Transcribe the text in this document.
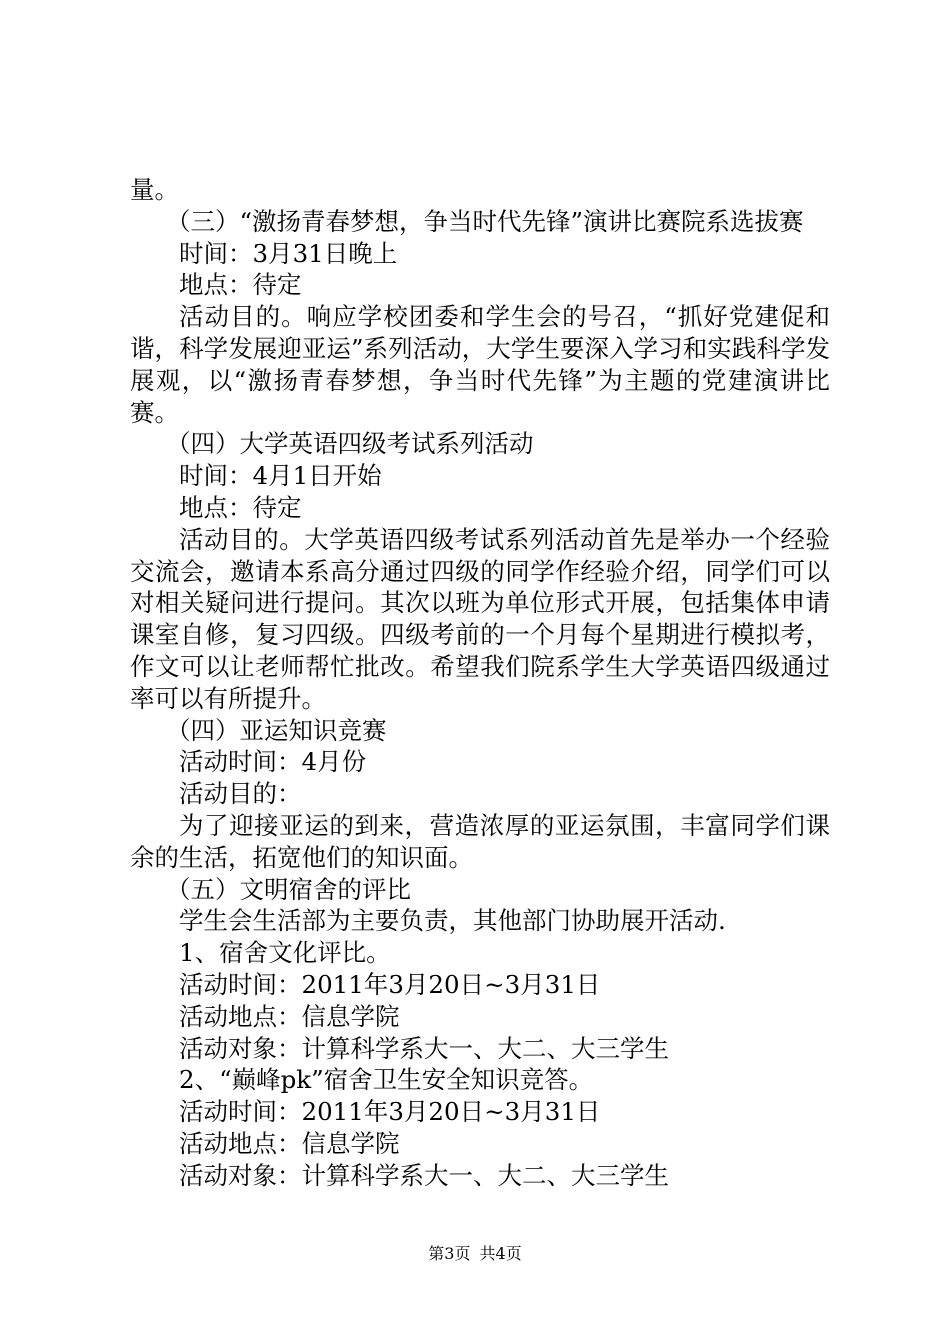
量。

（三）“激扬青春梦想，争当时代先锋”演讲比赛院系选拔赛

时间：3月31日晚上

地点：待定

活动目的。响应学校团委和学生会的号召，“抓好党建促和谐，科学发展迎亚运”系列活动，大学生要深入学习和实践科学发展观，以“激扬青春梦想，争当时代先锋”为主题的党建演讲比赛。

（四）大学英语四级考试系列活动

时间：4月1日开始

地点：待定

活动目的。大学英语四级考试系列活动首先是举办一个经验交流会，邀请本系高分通过四级的同学作经验介绍，同学们可以对相关疑问进行提问。其次以班为单位形式开展，包括集体申请课室自修，复习四级。四级考前的一个月每个星期进行模拟考，作文可以让老师帮忙批改。希望我们院系学生大学英语四级通过率可以有所提升。

（四）亚运知识竞赛

活动时间：4月份

活动目的：

为了迎接亚运的到来，营造浓厚的亚运氛围，丰富同学们课余的生活，拓宽他们的知识面。

（五）文明宿舍的评比

学生会生活部为主要负责，其他部门协助展开活动.

1、宿舍文化评比。

活动时间：2011年3月20日~3月31日

活动地点：信息学院

活动对象：计算科学系大一、大二、大三学生

2、“巅峰pk”宿舍卫生安全知识竞答。

活动时间：2011年3月20日~3月31日

活动地点：信息学院

活动对象：计算科学系大一、大二、大三学生

第3页 共4页
